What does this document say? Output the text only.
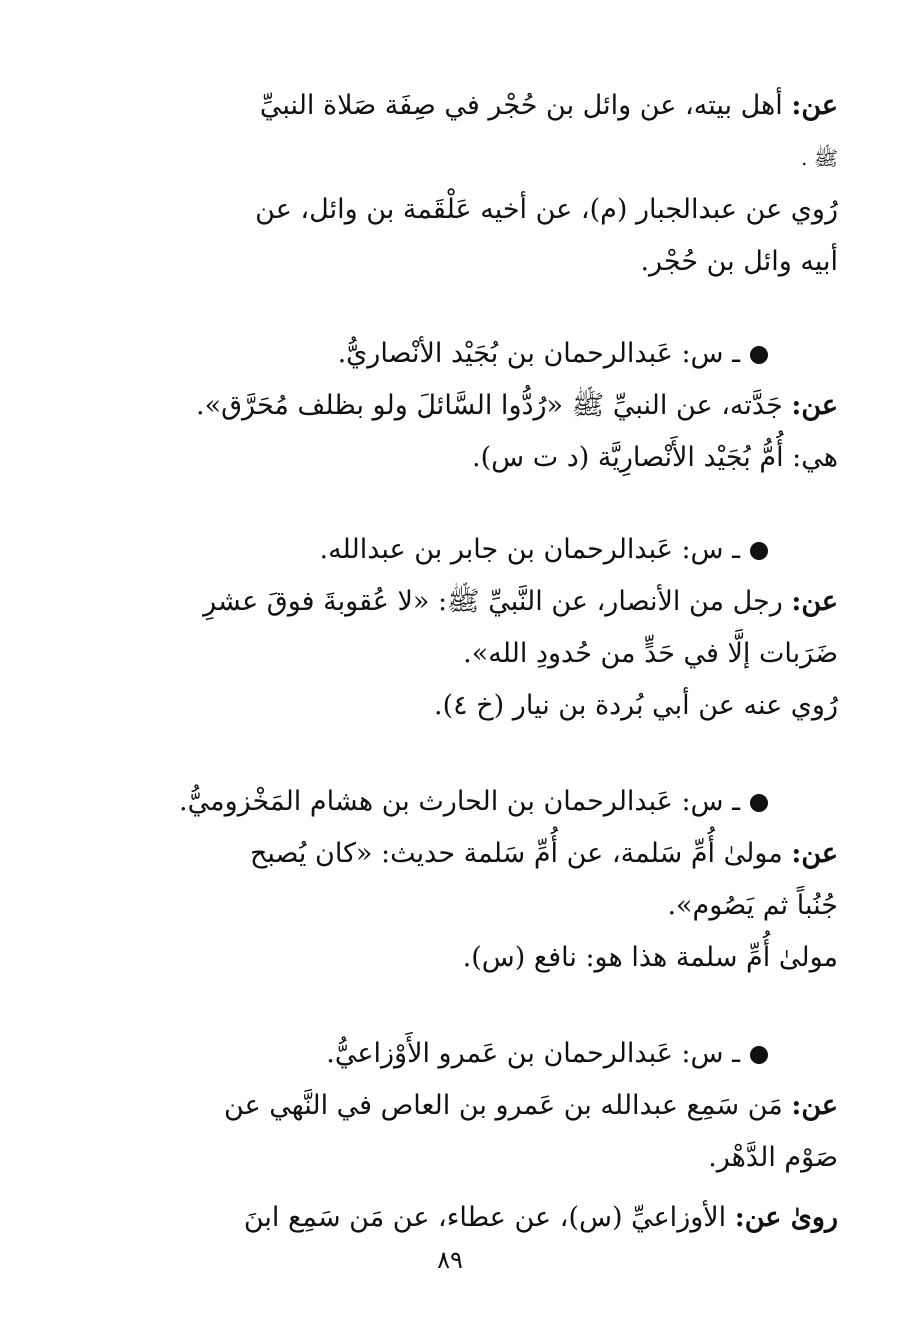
عن: أهل بيته، عن وائل بن حُجْر في صِفَة صَلاة النبيِّ
ﷺ .
رُوي عن عبدالجبار (م)، عن أخيه عَلْقَمة بن وائل، عن
أبيه وائل بن حُجْر.
ـ س: عَبدالرحمان بن بُجَيْد الأنْصاريُّ.
عن: جَدَّته، عن النبيِّ ﷺ «رُدُّوا السَّائلَ ولو بظلف مُحَرَّق».
هي: أُمُّ بُجَيْد الأَنْصارِيَّة (د ت س).
ـ س: عَبدالرحمان بن جابر بن عبدالله.
عن: رجل من الأنصار، عن النَّبيِّ ﷺ: «لا عُقوبةَ فوقَ عشرِ
ضَرَبات إلَّا في حَدٍّ من حُدودِ الله».
رُوي عنه عن أبي بُردة بن نيار (خ ٤).
ـ س: عَبدالرحمان بن الحارث بن هشام المَخْزوميُّ.
عن: مولىٰ أُمِّ سَلمة، عن أُمِّ سَلمة حديث: «كان يُصبح
جُنُباً ثم يَصُوم».
مولىٰ أُمِّ سلمة هذا هو: نافع (س).
ـ س: عَبدالرحمان بن عَمرو الأَوْزاعيُّ.
عن: مَن سَمِع عبدالله بن عَمرو بن العاص في النَّهي عن
صَوْم الدَّهْر.
روىٰ عن: الأوزاعيِّ (س)، عن عطاء، عن مَن سَمِع ابنَ
٨٩
